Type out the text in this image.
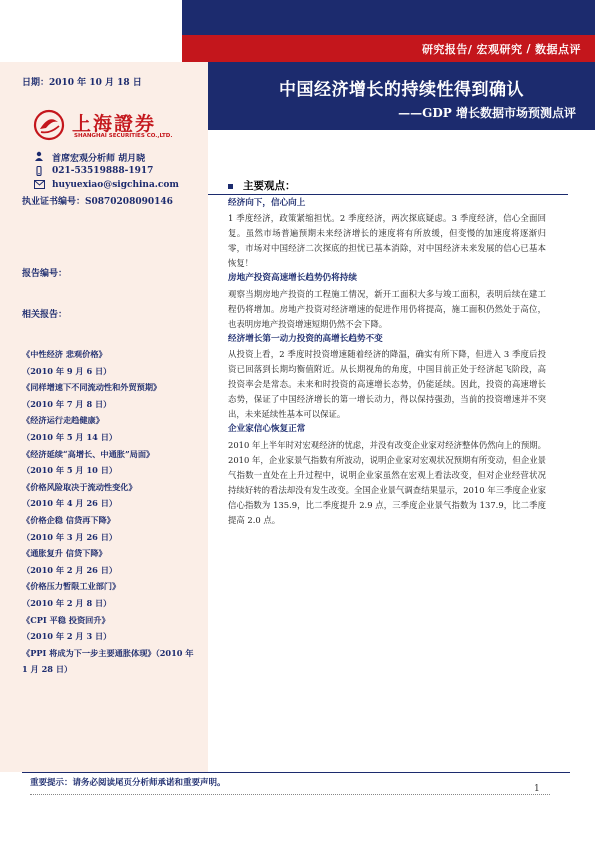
研究报告/ 宏观研究 / 数据点评
中国经济增长的持续性得到确认
——GDP 增长数据市场预测点评
日期：2010 年 10 月 18 日
上海證券
SHANGHAI SECURITIES CO.,LTD.
首席宏观分析师 胡月晓
021-53519888-1917
huyuexiao@sigchina.com
执业证书编号：S0870208090146
报告编号：
相关报告：
《中性经济 悲观价格》
（2010 年 9 月 6 日）
《同样增速下不同流动性和外贸预期》
（2010 年 7 月 8 日）
《经济运行走趋健康》
（2010 年 5 月 14 日）
《经济延续“高增长、中通胀”局面》
（2010 年 5 月 10 日）
《价格风险取决于流动性变化》
（2010 年 4 月 26 日）
《价格企稳 信贷再下降》
（2010 年 3 月 26 日）
《通胀复升 信贷下降》
（2010 年 2 月 26 日）
《价格压力暂限工业部门》
（2010 年 2 月 8 日）
《CPI 平稳 投资回升》
（2010 年 2 月 3 日）
《PPI 将成为下一步主要通胀体现》（2010 年
1 月 28 日）
主要观点：
经济向下，信心向上

1 季度经济，政策紧缩担忧。2 季度经济，两次探底疑虑。3 季度经济，信心全面回复。虽然市场普遍预期未来经济增长的速度将有所放缓，但变慢的加速度将逐渐归零，市场对中国经济二次探底的担忧已基本消除，对中国经济未来发展的信心已基本恢复！

房地产投资高速增长趋势仍将持续

观察当期房地产投资的工程施工情况，新开工面积大多与竣工面积，表明后续在建工程仍将增加。房地产投资对经济增速的促进作用仍将提高，施工面积仍然处于高位，也表明房地产投资增速短期仍然不会下降。

经济增长第一动力投资的高增长趋势不变

从投资上看，2 季度时投资增速随着经济的降温，确实有所下降，但进入 3 季度后投资已回落到长期均衡值附近。从长期视角的角度，中国目前正处于经济起飞阶段，高投资率会是常态。未来和时投资的高速增长态势，仍能延续。因此，投资的高速增长态势，保证了中国经济增长的第一增长动力，得以保持强劲，当前的投资增速并不突出，未来延续性基本可以保证。

企业家信心恢复正常

2010 年上半年时对宏观经济的忧虑，并没有改变企业家对经济整体仍然向上的预期。2010 年，企业家景气指数有所波动，说明企业家对宏观状况预期有所变动，但企业景气指数一直处在上升过程中，说明企业家虽然在宏观上看法改变，但对企业经营状况持续好转的看法却没有发生改变。全国企业景气调查结果显示，2010 年三季度企业家信心指数为 135.9，比二季度提升 2.9 点，三季度企业景气指数为 137.9，比二季度提高 2.0 点。

重要提示：请务必阅读尾页分析师承诺和重要声明。
1
